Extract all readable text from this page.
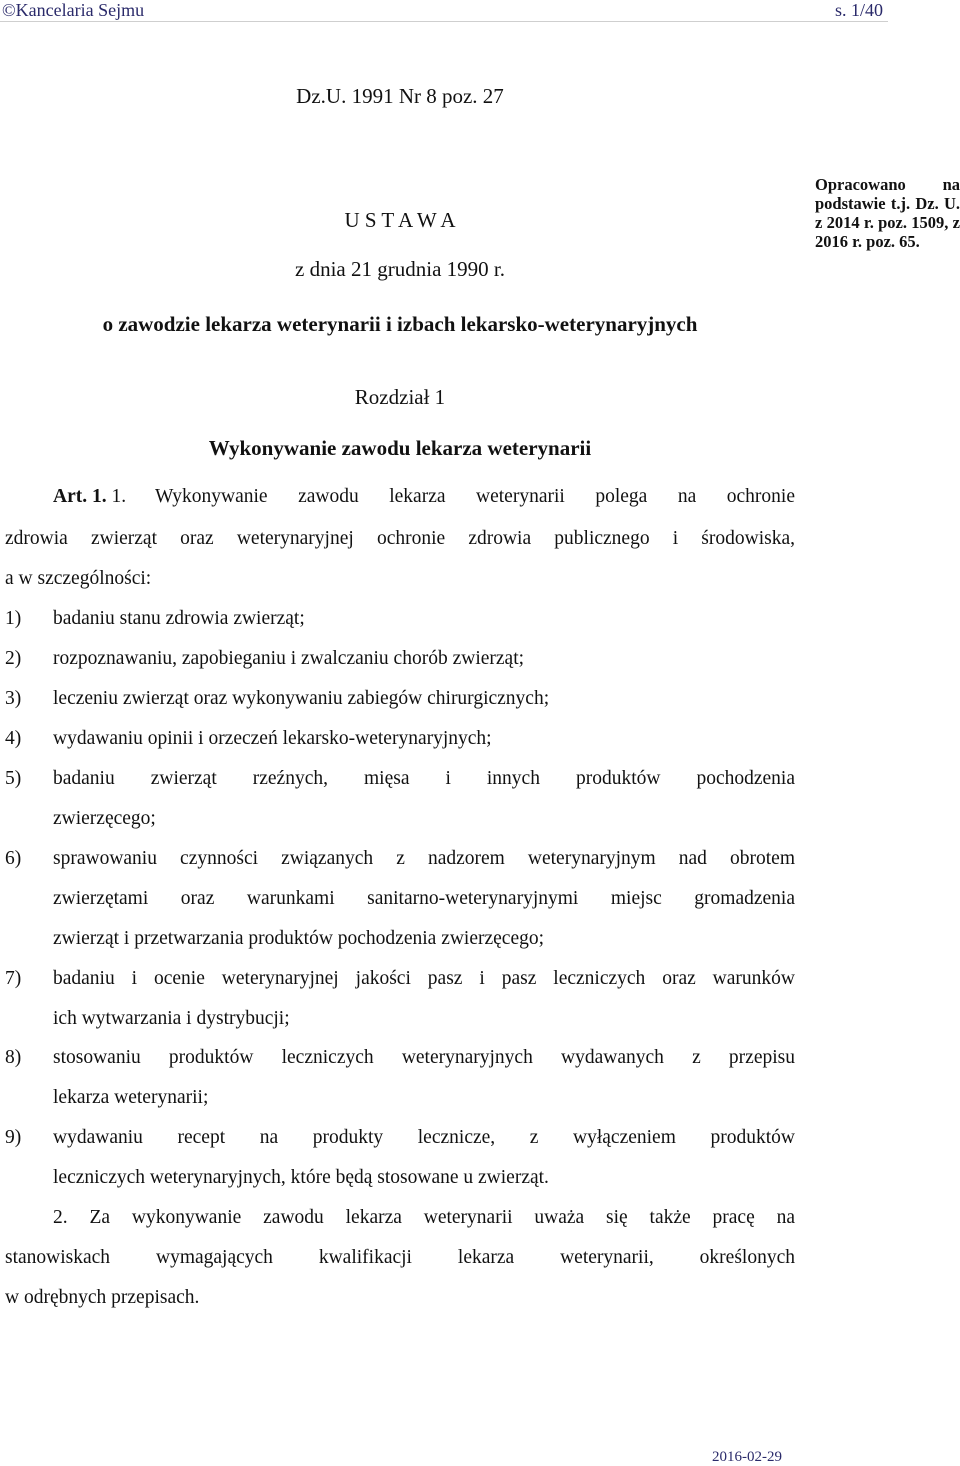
©Kancelaria Sejmu	s. 1/40
Dz.U. 1991 Nr 8 poz. 27
U S T A W A
z dnia 21 grudnia 1990 r.
Opracowano na podstawie t.j. Dz. U. z 2014 r. poz. 1509, z 2016 r. poz. 65.
o zawodzie lekarza weterynarii i izbach lekarsko-weterynaryjnych
Rozdział 1
Wykonywanie zawodu lekarza weterynarii
Art. 1. 1. Wykonywanie zawodu lekarza weterynarii polega na ochronie
zdrowia zwierząt oraz weterynaryjnej ochronie zdrowia publicznego i środowiska,
a w szczególności:
1) badaniu stanu zdrowia zwierząt;
2) rozpoznawaniu, zapobieganiu i zwalczaniu chorób zwierząt;
3) leczeniu zwierząt oraz wykonywaniu zabiegów chirurgicznych;
4) wydawaniu opinii i orzeczeń lekarsko-weterynaryjnych;
5) badaniu zwierząt rzeźnych, mięsa i innych produktów pochodzenia
zwierzęcego;
6) sprawowaniu czynności związanych z nadzorem weterynaryjnym nad obrotem
zwierzętami oraz warunkami sanitarno-weterynaryjnymi miejsc gromadzenia
zwierząt i przetwarzania produktów pochodzenia zwierzęcego;
7) badaniu i ocenie weterynaryjnej jakości pasz i pasz leczniczych oraz warunków
ich wytwarzania i dystrybucji;
8) stosowaniu produktów leczniczych weterynaryjnych wydawanych z przepisu
lekarza weterynarii;
9) wydawaniu recept na produkty lecznicze, z wyłączeniem produktów
leczniczych weterynaryjnych, które będą stosowane u zwierząt.
2. Za wykonywanie zawodu lekarza weterynarii uważa się także pracę na
stanowiskach wymagających kwalifikacji lekarza weterynarii, określonych
w odrębnych przepisach.
2016-02-29
